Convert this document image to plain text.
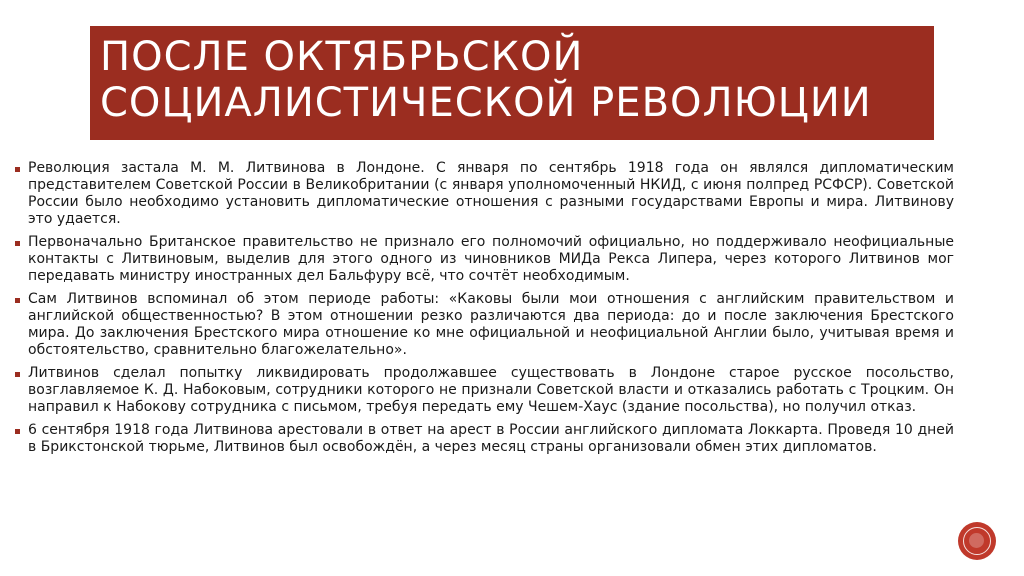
ПОСЛЕ ОКТЯБРЬСКОЙ
СОЦИАЛИСТИЧЕСКОЙ РЕВОЛЮЦИИ

Революция застала М. М. Литвинова в Лондоне. С января по сентябрь 1918 года он являлся дипломатическим представителем Советской России в Великобритании (с января уполномоченный НКИД, с июня полпред РСФСР). Советской России было необходимо установить дипломатические отношения с разными государствами Европы и мира. Литвинову это удается.

Первоначально Британское правительство не признало его полномочий официально, но поддерживало неофициальные контакты с Литвиновым, выделив для этого одного из чиновников МИДа Рекса Липера, через которого Литвинов мог передавать министру иностранных дел Бальфуру всё, что сочтёт необходимым.

Сам Литвинов вспоминал об этом периоде работы: «Каковы были мои отношения с английским правительством и английской общественностью? В этом отношении резко различаются два периода: до и после заключения Брестского мира. До заключения Брестского мира отношение ко мне официальной и неофициальной Англии было, учитывая время и обстоятельство, сравнительно благожелательно».

Литвинов сделал попытку ликвидировать продолжавшее существовать в Лондоне старое русское посольство, возглавляемое К. Д. Набоковым, сотрудники которого не признали Советской власти и отказались работать с Троцким. Он направил к Набокову сотрудника с письмом, требуя передать ему Чешем-Хаус (здание посольства), но получил отказ.

6 сентября 1918 года Литвинова арестовали в ответ на арест в России английского дипломата Локкарта. Проведя 10 дней в Брикстонской тюрьме, Литвинов был освобождён, а через месяц страны организовали обмен этих дипломатов.
